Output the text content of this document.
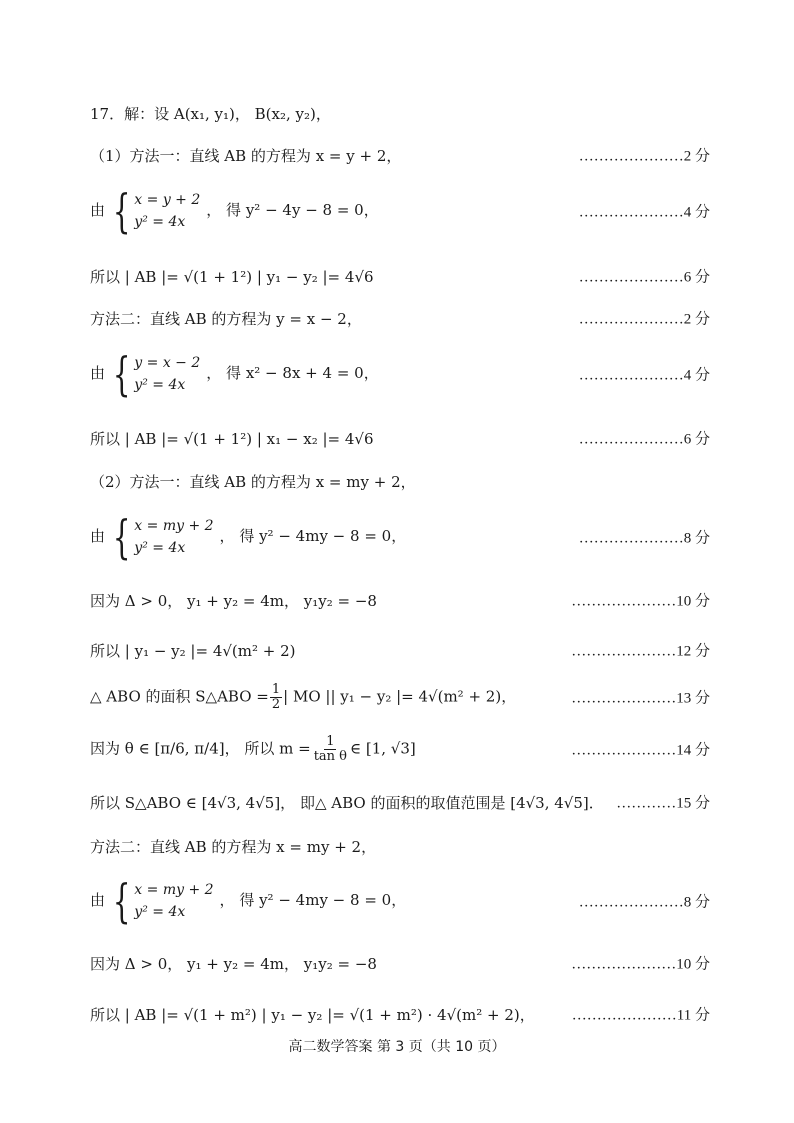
17．解：设 A(x₁, y₁)， B(x₂, y₂)，
（1）方法一：直线 AB 的方程为 x = y + 2，	…………………2 分
由 { x = y + 2
y² = 4x
， 得 y² − 4y − 8 = 0，	…………………4 分
所以 | AB |= √(1 + 1²) | y₁ − y₂ |= 4√6	…………………6 分
方法二：直线 AB 的方程为 y = x − 2，	…………………2 分
由 { y = x − 2
y² = 4x
， 得 x² − 8x + 4 = 0，	…………………4 分
所以 | AB |= √(1 + 1²) | x₁ − x₂ |= 4√6	…………………6 分
（2）方法一：直线 AB 的方程为 x = my + 2，
由 { x = my + 2
y² = 4x
， 得 y² − 4my − 8 = 0，	…………………8 分
因为 Δ > 0， y₁ + y₂ = 4m， y₁y₂ = −8	…………………10 分
所以 | y₁ − y₂ |= 4√(m² + 2)	…………………12 分
△ ABO 的面积 S△ABO = $\frac{1}{2}$ | MO || y₁ − y₂ |= 4√(m² + 2)，	…………………13 分
因为 θ ∈ [π/6, π/4]， 所以 $m = \frac{1}{\text{tan θ}}$ ∈ [1, √3]	…………………14 分
所以 S△ABO ∈ [4√3, 4√5]， 即△ ABO 的面积的取值范围是 [4√3, 4√5]． …………15 分
方法二：直线 AB 的方程为 x = my + 2，
由 { x = my + 2
y² = 4x
， 得 y² − 4my − 8 = 0，	…………………8 分
因为 Δ > 0， y₁ + y₂ = 4m， y₁y₂ = −8	…………………10 分
所以 | AB |= √(1 + m²) | y₁ − y₂ |= √(1 + m²) · 4√(m² + 2)， …………………11 分
高二数学答案 第 3 页（共 10 页）
